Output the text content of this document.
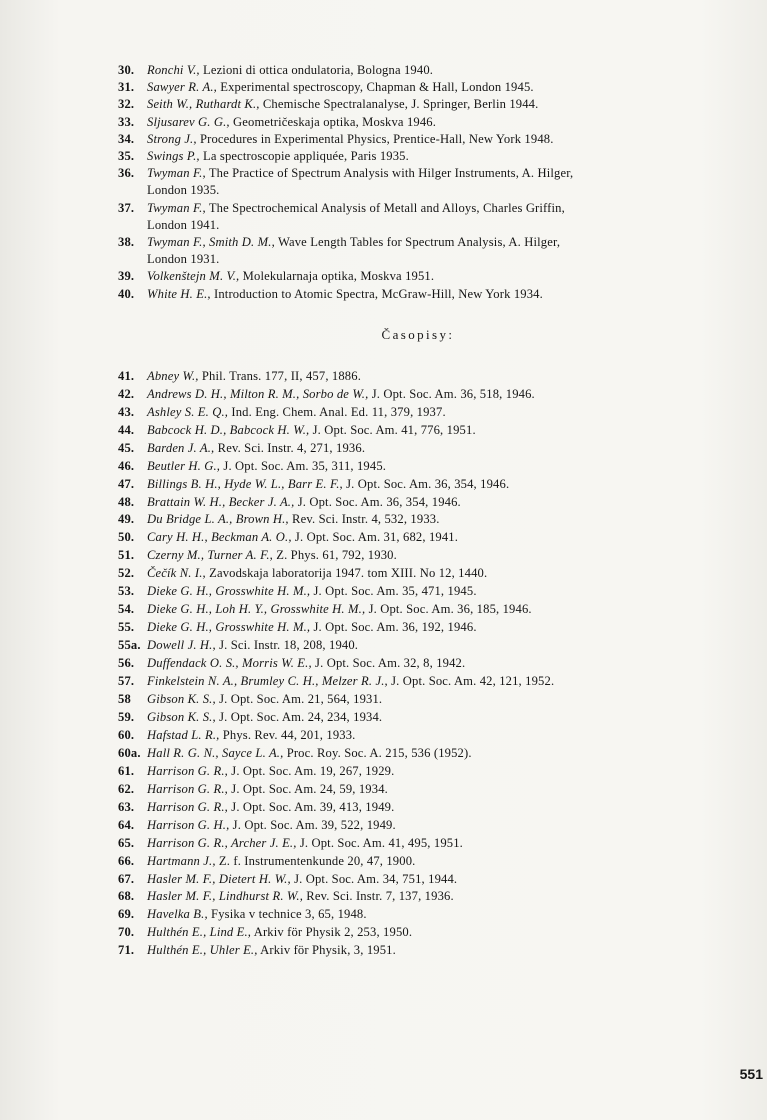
30.	Ronchi V., Lezioni di ottica ondulatoria, Bologna 1940.
31.	Sawyer R. A., Experimental spectroscopy, Chapman & Hall, London 1945.
32.	Seith W., Ruthardt K., Chemische Spectralanalyse, J. Springer, Berlin 1944.
33.	Sljusarev G. G., Geometričeskaja optika, Moskva 1946.
34.	Strong J., Procedures in Experimental Physics, Prentice-Hall, New York 1948.
35.	Swings P., La spectroscopie appliquée, Paris 1935.
36.	Twyman F., The Practice of Spectrum Analysis with Hilger Instruments, A. Hilger,
London 1935.
37.	Twyman F., The Spectrochemical Analysis of Metall and Alloys, Charles Griffin,
London 1941.
38.	Twyman F., Smith D. M., Wave Length Tables for Spectrum Analysis, A. Hilger,
London 1931.
39.	Volkenštejn M. V., Molekularnaja optika, Moskva 1951.
40.	White H. E., Introduction to Atomic Spectra, McGraw-Hill, New York 1934.
Časopisy:
41.	Abney W., Phil. Trans. 177, II, 457, 1886.
42.	Andrews D. H., Milton R. M., Sorbo de W., J. Opt. Soc. Am. 36, 518, 1946.
43.	Ashley S. E. Q., Ind. Eng. Chem. Anal. Ed. 11, 379, 1937.
44.	Babcock H. D., Babcock H. W., J. Opt. Soc. Am. 41, 776, 1951.
45.	Barden J. A., Rev. Sci. Instr. 4, 271, 1936.
46.	Beutler H. G., J. Opt. Soc. Am. 35, 311, 1945.
47.	Billings B. H., Hyde W. L., Barr E. F., J. Opt. Soc. Am. 36, 354, 1946.
48.	Brattain W. H., Becker J. A., J. Opt. Soc. Am. 36, 354, 1946.
49.	Du Bridge L. A., Brown H., Rev. Sci. Instr. 4, 532, 1933.
50.	Cary H. H., Beckman A. O., J. Opt. Soc. Am. 31, 682, 1941.
51.	Czerny M., Turner A. F., Z. Phys. 61, 792, 1930.
52.	Čečík N. I., Zavodskaja laboratorija 1947. tom XIII. No 12, 1440.
53.	Dieke G. H., Grosswhite H. M., J. Opt. Soc. Am. 35, 471, 1945.
54.	Dieke G. H., Loh H. Y., Grosswhite H. M., J. Opt. Soc. Am. 36, 185, 1946.
55.	Dieke G. H., Grosswhite H. M., J. Opt. Soc. Am. 36, 192, 1946.
55a. Dowell J. H., J. Sci. Instr. 18, 208, 1940.
56.	Duffendack O. S., Morris W. E., J. Opt. Soc. Am. 32, 8, 1942.
57.	Finkelstein N. A., Brumley C. H., Melzer R. J., J. Opt. Soc. Am. 42, 121, 1952.
58	Gibson K. S., J. Opt. Soc. Am. 21, 564, 1931.
59.	Gibson K. S., J. Opt. Soc. Am. 24, 234, 1934.
60.	Hafstad L. R., Phys. Rev. 44, 201, 1933.
60a. Hall R. G. N., Sayce L. A., Proc. Roy. Soc. A. 215, 536 (1952).
61.	Harrison G. R., J. Opt. Soc. Am. 19, 267, 1929.
62.	Harrison G. R., J. Opt. Soc. Am. 24, 59, 1934.
63.	Harrison G. R., J. Opt. Soc. Am. 39, 413, 1949.
64.	Harrison G. H., J. Opt. Soc. Am. 39, 522, 1949.
65.	Harrison G. R., Archer J. E., J. Opt. Soc. Am. 41, 495, 1951.
66.	Hartmann J., Z. f. Instrumentenkunde 20, 47, 1900.
67.	Hasler M. F., Dietert H. W., J. Opt. Soc. Am. 34, 751, 1944.
68.	Hasler M. F., Lindhurst R. W., Rev. Sci. Instr. 7, 137, 1936.
69.	Havelka B., Fysika v technice 3, 65, 1948.
70.	Hulthén E., Lind E., Arkiv för Physik 2, 253, 1950.
71.	Hulthén E., Uhler E., Arkiv för Physik, 3, 1951.
551
